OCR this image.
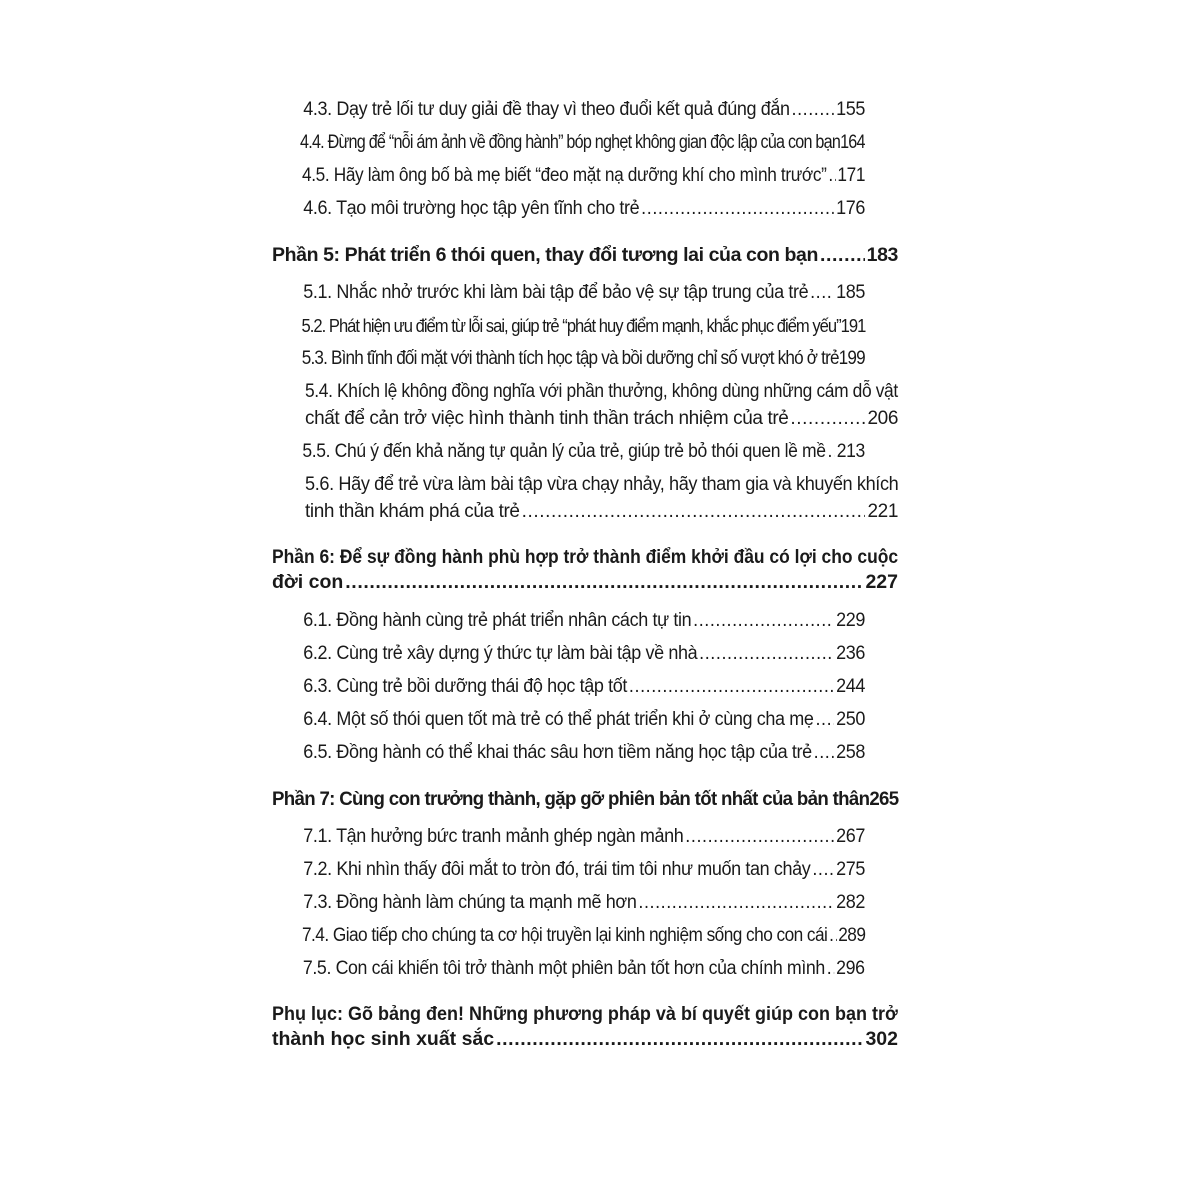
4.3. Dạy trẻ lối tư duy giải đề thay vì theo đuổi kết quả đúng đắn ..... 155
4.4. Đừng để “nỗi ám ảnh về đồng hành” bóp nghẹt không gian độc lập của con bạn 164
4.5. Hãy làm ông bố bà mẹ biết “đeo mặt nạ dưỡng khí cho mình trước” ..... 171
4.6. Tạo môi trường học tập yên tĩnh cho trẻ .....	176
Phần 5: Phát triển 6 thói quen, thay đổi tương lai của con bạn ..... 183
5.1. Nhắc nhở trước khi làm bài tập để bảo vệ sự tập trung của trẻ ..... 185
5.2. Phát hiện ưu điểm từ lỗi sai, giúp trẻ “phát huy điểm mạnh, khắc phục điểm yếu” 191
5.3. Bình tĩnh đối mặt với thành tích học tập và bồi dưỡng chỉ số vượt khó ở trẻ 199
5.4. Khích lệ không đồng nghĩa với phần thưởng, không dùng những cám dỗ vật
chất để cản trở việc hình thành tinh thần trách nhiệm của trẻ .....	206
5.5. Chú ý đến khả năng tự quản lý của trẻ, giúp trẻ bỏ thói quen lề mề ..... 213
5.6. Hãy để trẻ vừa làm bài tập vừa chạy nhảy, hãy tham gia và khuyến khích
tinh thần khám phá của trẻ .....	221
Phần 6: Để sự đồng hành phù hợp trở thành điểm khởi đầu có lợi cho cuộc
đời con .....	227
6.1. Đồng hành cùng trẻ phát triển nhân cách tự tin .....	229
6.2. Cùng trẻ xây dựng ý thức tự làm bài tập về nhà .....	236
6.3. Cùng trẻ bồi dưỡng thái độ học tập tốt .....	244
6.4. Một số thói quen tốt mà trẻ có thể phát triển khi ở cùng cha mẹ ..... 250
6.5. Đồng hành có thể khai thác sâu hơn tiềm năng học tập của trẻ ..... 258
Phần 7: Cùng con trưởng thành, gặp gỡ phiên bản tốt nhất của bản thân 265
7.1. Tận hưởng bức tranh mảnh ghép ngàn mảnh .....	267
7.2. Khi nhìn thấy đôi mắt to tròn đó, trái tim tôi như muốn tan chảy ..... 275
7.3. Đồng hành làm chúng ta mạnh mẽ hơn .....	282
7.4. Giao tiếp cho chúng ta cơ hội truyền lại kinh nghiệm sống cho con cái ..... 289
7.5. Con cái khiến tôi trở thành một phiên bản tốt hơn của chính mình ..... 296
Phụ lục: Gõ bảng đen! Những phương pháp và bí quyết giúp con bạn trở
thành học sinh xuất sắc .....	302
